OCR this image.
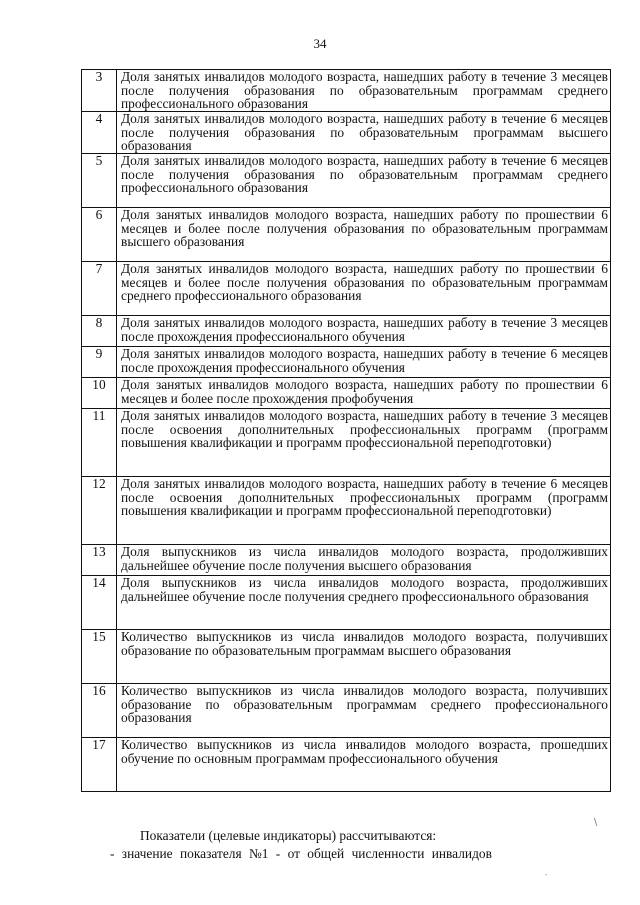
34
3	Доля занятых инвалидов молодого возраста, нашедших работу в течение 3 месяцев после получения образования по образовательным программам среднего профессионального образования
4	Доля занятых инвалидов молодого возраста, нашедших работу в течение 6 месяцев после получения образования по образовательным программам высшего образования
5	Доля занятых инвалидов молодого возраста, нашедших работу в течение 6 месяцев после получения образования по образовательным программам среднего профессионального образования
6	Доля занятых инвалидов молодого возраста, нашедших работу по прошествии 6 месяцев и более после получения образования по образовательным программам высшего образования
7	Доля занятых инвалидов молодого возраста, нашедших работу по прошествии 6 месяцев и более после получения образования по образовательным программам среднего профессионального образования
8	Доля занятых инвалидов молодого возраста, нашедших работу в течение 3 месяцев после прохождения профессионального обучения
9	Доля занятых инвалидов молодого возраста, нашедших работу в течение 6 месяцев после прохождения профессионального обучения
10	Доля занятых инвалидов молодого возраста, нашедших работу по прошествии 6 месяцев и более после прохождения профобучения
11	Доля занятых инвалидов молодого возраста, нашедших работу в течение 3 месяцев после освоения дополнительных профессиональных программ (программ повышения квалификации и программ профессиональной переподготовки)
12	Доля занятых инвалидов молодого возраста, нашедших работу в течение 6 месяцев после освоения дополнительных профессиональных программ (программ повышения квалификации и программ профессиональной переподготовки)
13	Доля выпускников из числа инвалидов молодого возраста, продолживших дальнейшее обучение после получения высшего образования
14	Доля выпускников из числа инвалидов молодого возраста, продолживших дальнейшее обучение после получения среднего профессионального образования
15	Количество выпускников из числа инвалидов молодого возраста, получивших образование по образовательным программам высшего образования
16	Количество выпускников из числа инвалидов молодого возраста, получивших образование по образовательным программам среднего профессионального образования
17	Количество выпускников из числа инвалидов молодого возраста, прошедших обучение по основным программам профессионального обучения
Показатели (целевые индикаторы) рассчитываются:
- значение показателя №1 - от общей численности инвалидов
∖
∙
